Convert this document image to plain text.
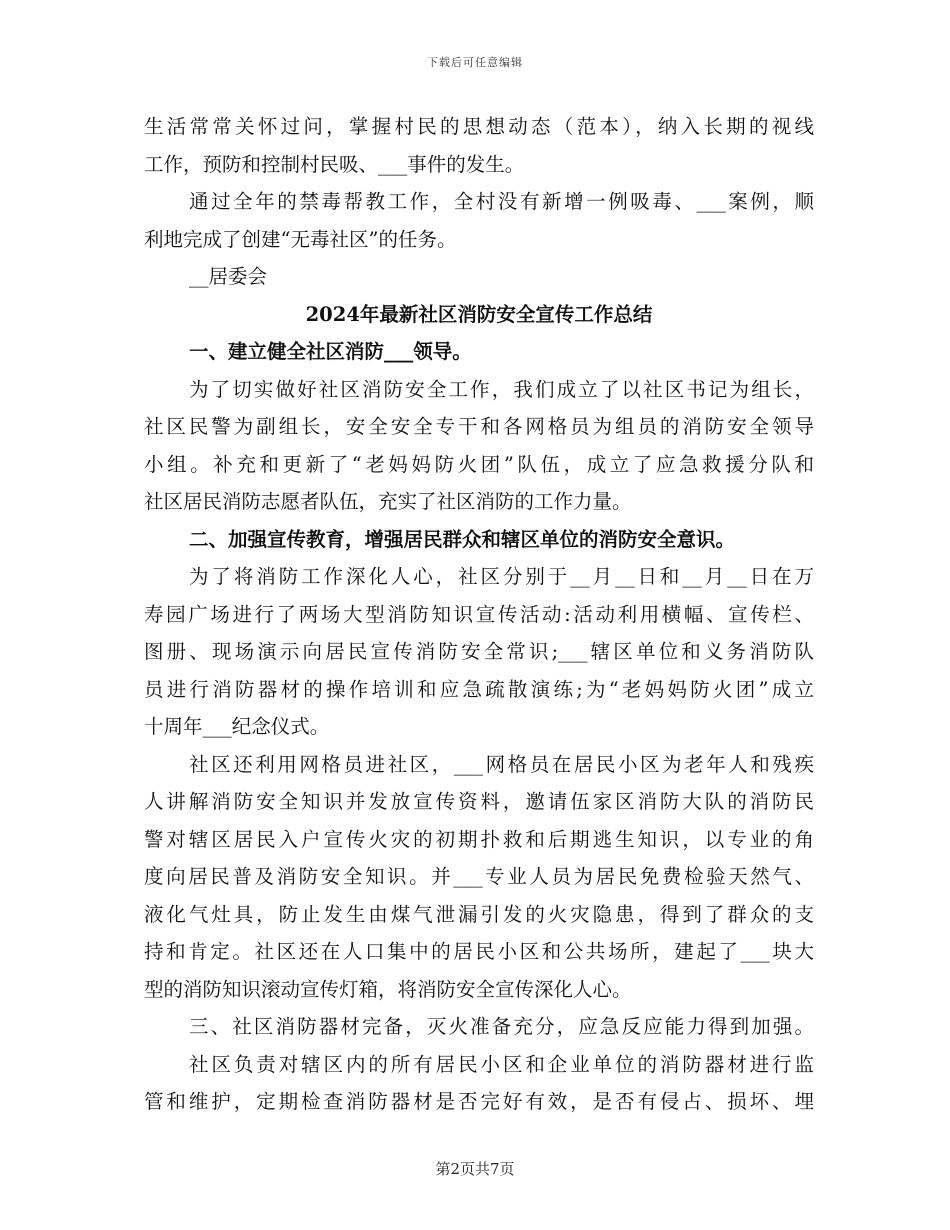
下载后可任意编辑
生活常常关怀过问，掌握村民的思想动态（范本），纳入长期的视线
工作，预防和控制村民吸、___事件的发生。
通过全年的禁毒帮教工作，全村没有新增一例吸毒、___案例，顺
利地完成了创建“无毒社区”的任务。
__居委会
2024年最新社区消防安全宣传工作总结
一、建立健全社区消防___领导。
为了切实做好社区消防安全工作，我们成立了以社区书记为组长，
社区民警为副组长，安全安全专干和各网格员为组员的消防安全领导
小组。补充和更新了“老妈妈防火团”队伍，成立了应急救援分队和
社区居民消防志愿者队伍，充实了社区消防的工作力量。
二、加强宣传教育，增强居民群众和辖区单位的消防安全意识。
为了将消防工作深化人心，社区分别于__月__日和__月__日在万
寿园广场进行了两场大型消防知识宣传活动:活动利用横幅、宣传栏、
图册、现场演示向居民宣传消防安全常识;___辖区单位和义务消防队
员进行消防器材的操作培训和应急疏散演练;为“老妈妈防火团”成立
十周年___纪念仪式。
社区还利用网格员进社区，___网格员在居民小区为老年人和残疾
人讲解消防安全知识并发放宣传资料，邀请伍家区消防大队的消防民
警对辖区居民入户宣传火灾的初期扑救和后期逃生知识，以专业的角
度向居民普及消防安全知识。并___专业人员为居民免费检验天然气、
液化气灶具，防止发生由煤气泄漏引发的火灾隐患，得到了群众的支
持和肯定。社区还在人口集中的居民小区和公共场所，建起了___块大
型的消防知识滚动宣传灯箱，将消防安全宣传深化人心。
三、社区消防器材完备，灭火准备充分，应急反应能力得到加强。
社区负责对辖区内的所有居民小区和企业单位的消防器材进行监
管和维护，定期检查消防器材是否完好有效，是否有侵占、损坏、埋
第2页共7页
